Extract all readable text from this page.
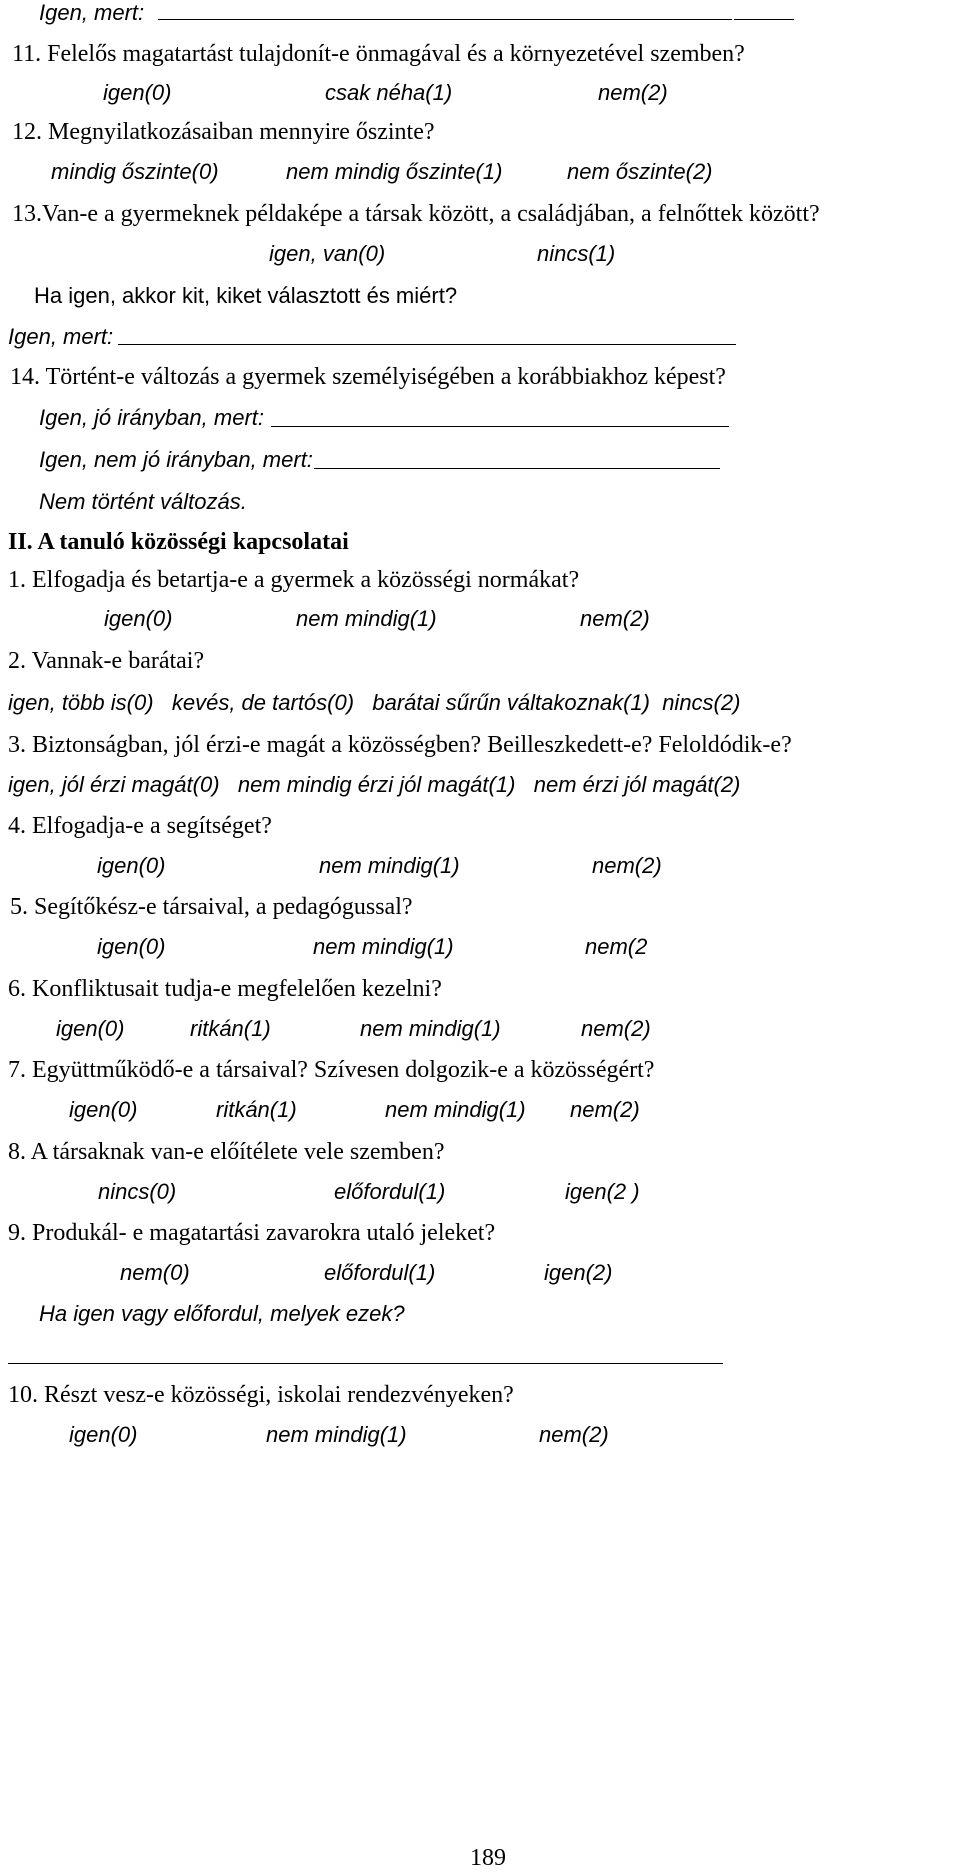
Igen, mert:
11. Felelős magatartást tulajdonít-e önmagával és a környezetével szemben?
igen(0)	csak néha(1)	nem(2)
12. Megnyilatkozásaiban mennyire őszinte?
mindig őszinte(0)	nem mindig őszinte(1)	nem őszinte(2)
13.Van-e a gyermeknek példaképe a társak között, a családjában, a felnőttek között?
igen, van(0)	nincs(1)
Ha igen, akkor kit, kiket választott és miért?
Igen, mert:
14. Történt-e változás a gyermek személyiségében a korábbiakhoz képest?
Igen, jó irányban, mert:
Igen, nem jó irányban, mert:
Nem történt változás.
II. A tanuló közösségi kapcsolatai
1. Elfogadja és betartja-e a gyermek a közösségi normákat?
igen(0)	nem mindig(1)	nem(2)
2. Vannak-e barátai?
igen, több is(0)   kevés, de tartós(0)   barátai sűrűn váltakoznak(1)  nincs(2)
3. Biztonságban, jól érzi-e magát a közösségben? Beilleszkedett-e? Feloldódik-e?
igen, jól érzi magát(0)   nem mindig érzi jól magát(1)   nem érzi jól magát(2)
4. Elfogadja-e a segítséget?
igen(0)	nem mindig(1)	nem(2)
5. Segítőkész-e társaival, a pedagógussal?
igen(0)	nem mindig(1)	nem(2
6. Konfliktusait tudja-e megfelelően kezelni?
igen(0)	ritkán(1)	nem mindig(1)	nem(2)
7. Együttműködő-e a társaival? Szívesen dolgozik-e a közösségért?
igen(0)	ritkán(1)	nem mindig(1) nem(2)
8. A társaknak van-e előítélete vele szemben?
nincs(0)	előfordul(1)	igen(2 )
9. Produkál- e magatartási zavarokra utaló jeleket?
nem(0)	előfordul(1)	igen(2)
Ha igen vagy előfordul, melyek ezek?
10. Részt vesz-e közösségi, iskolai rendezvényeken?
igen(0)	nem mindig(1)	nem(2)
189
